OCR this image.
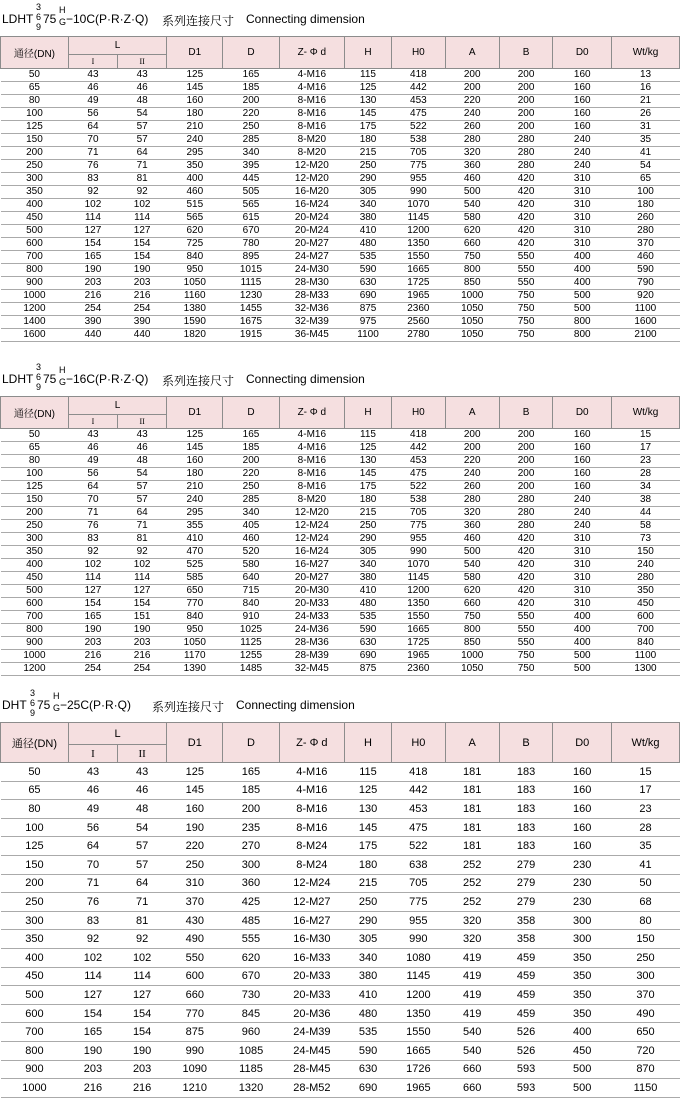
LDHT
3
6
9
75
H
G −10C(P·R·Z·Q) 系列连接尺寸 Connecting dimension
通径(DN)	L		D1	D	Z- Φ d	H	H0	A	B	D0	Wt/kg
	I	II									
50	43	43	125	165	4-M16	115	418	200	200	160	13
65	46	46	145	185	4-M16	125	442	200	200	160	16
80	49	48	160	200	8-M16	130	453	220	200	160	21
100	56	54	180	220	8-M16	145	475	240	200	160	26
125	64	57	210	250	8-M16	175	522	260	200	160	31
150	70	57	240	285	8-M20	180	538	280	280	240	35
200	71	64	295	340	8-M20	215	705	320	280	240	41
250	76	71	350	395	12-M20	250	775	360	280	240	54
300	83	81	400	445	12-M20	290	955	460	420	310	65
350	92	92	460	505	16-M20	305	990	500	420	310	100
400	102	102	515	565	16-M24	340	1070	540	420	310	180
450	114	114	565	615	20-M24	380	1145	580	420	310	260
500	127	127	620	670	20-M24	410	1200	620	420	310	280
600	154	154	725	780	20-M27	480	1350	660	420	310	370
700	165	154	840	895	24-M27	535	1550	750	550	400	460
800	190	190	950	1015	24-M30	590	1665	800	550	400	590
900	203	203	1050	1115	28-M30	630	1725	850	550	400	790
1000	216	216	1160	1230	28-M33	690	1965	1000	750	500	920
1200	254	254	1380	1455	32-M36	875	2360	1050	750	500	1100
1400	390	390	1590	1675	32-M39	975	2560	1050	750	800	1600
1600	440	440	1820	1915	36-M45	1100	2780	1050	750	800	2100
LDHT
3
6
9
75
H
G −16C(P·R·Z·Q) 系列连接尺寸 Connecting dimension
通径(DN)	L		D1	D	Z- Φ d	H	H0	A	B	D0	Wt/kg
	I	II									
50	43	43	125	165	4-M16	115	418	200	200	160	15
65	46	46	145	185	4-M16	125	442	200	200	160	17
80	49	48	160	200	8-M16	130	453	220	200	160	23
100	56	54	180	220	8-M16	145	475	240	200	160	28
125	64	57	210	250	8-M16	175	522	260	200	160	34
150	70	57	240	285	8-M20	180	538	280	280	240	38
200	71	64	295	340	12-M20	215	705	320	280	240	44
250	76	71	355	405	12-M24	250	775	360	280	240	58
300	83	81	410	460	12-M24	290	955	460	420	310	73
350	92	92	470	520	16-M24	305	990	500	420	310	150
400	102	102	525	580	16-M27	340	1070	540	420	310	240
450	114	114	585	640	20-M27	380	1145	580	420	310	280
500	127	127	650	715	20-M30	410	1200	620	420	310	350
600	154	154	770	840	20-M33	480	1350	660	420	310	450
700	165	151	840	910	24-M33	535	1550	750	550	400	600
800	190	190	950	1025	24-M36	590	1665	800	550	400	700
900	203	203	1050	1125	28-M36	630	1725	850	550	400	840
1000	216	216	1170	1255	28-M39	690	1965	1000	750	500	1100
1200	254	254	1390	1485	32-M45	875	2360	1050	750	500	1300
DHT
3
6
9
75
H
G −25C(P·R·Q) 系列连接尺寸 Connecting dimension
通径(DN)	L		D1	D	Z- Φ d	H	H0	A	B	D0	Wt/kg
	I	II									
50	43	43	125	165	4-M16	115	418	181	183	160	15
65	46	46	145	185	4-M16	125	442	181	183	160	17
80	49	48	160	200	8-M16	130	453	181	183	160	23
100	56	54	190	235	8-M16	145	475	181	183	160	28
125	64	57	220	270	8-M24	175	522	181	183	160	35
150	70	57	250	300	8-M24	180	638	252	279	230	41
200	71	64	310	360	12-M24	215	705	252	279	230	50
250	76	71	370	425	12-M27	250	775	252	279	230	68
300	83	81	430	485	16-M27	290	955	320	358	300	80
350	92	92	490	555	16-M30	305	990	320	358	300	150
400	102	102	550	620	16-M33	340	1080	419	459	350	250
450	114	114	600	670	20-M33	380	1145	419	459	350	300
500	127	127	660	730	20-M33	410	1200	419	459	350	370
600	154	154	770	845	20-M36	480	1350	419	459	350	490
700	165	154	875	960	24-M39	535	1550	540	526	400	650
800	190	190	990	1085	24-M45	590	1665	540	526	450	720
900	203	203	1090	1185	28-M45	630	1726	660	593	500	870
1000	216	216	1210	1320	28-M52	690	1965	660	593	500	1150
